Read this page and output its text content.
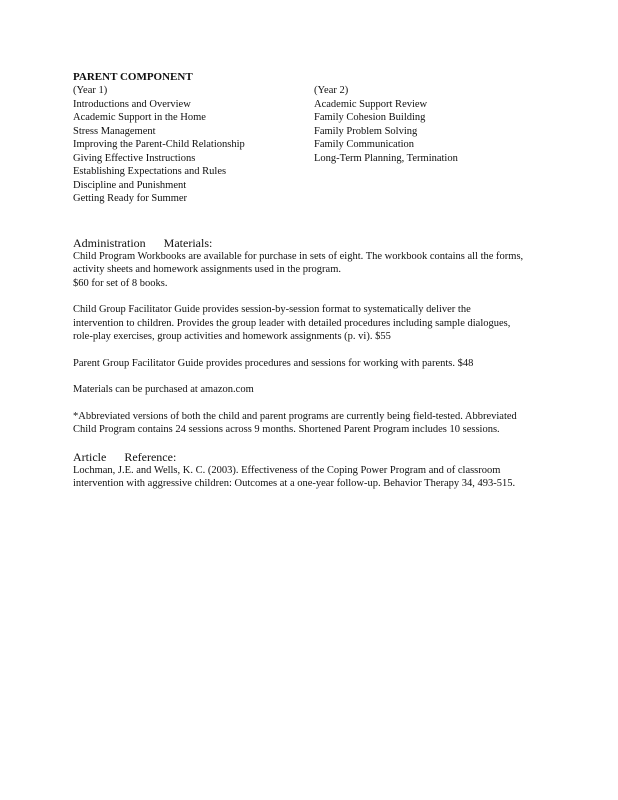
PARENT COMPONENT
(Year 1)
Introductions and Overview
Academic Support in the Home
Stress Management
Improving the Parent-Child Relationship
Giving Effective Instructions
Establishing Expectations and Rules
Discipline and Punishment
Getting Ready for Summer
(Year 2)
Academic Support Review
Family Cohesion Building
Family Problem Solving
Family Communication
Long-Term Planning, Termination
Administration Materials:

Child Program Workbooks are available for purchase in sets of eight. The workbook contains all the forms,
activity sheets and homework assignments used in the program.
$60 for set of 8 books.

Child Group Facilitator Guide provides session-by-session format to systematically deliver the
intervention to children. Provides the group leader with detailed procedures including sample dialogues,
role-play exercises, group activities and homework assignments (p. vi). $55

Parent Group Facilitator Guide provides procedures and sessions for working with parents. $48

Materials can be purchased at amazon.com

*Abbreviated versions of both the child and parent programs are currently being field-tested. Abbreviated
Child Program contains 24 sessions across 9 months. Shortened Parent Program includes 10 sessions.

Article Reference:

Lochman, J.E. and Wells, K. C. (2003). Effectiveness of the Coping Power Program and of classroom
intervention with aggressive children: Outcomes at a one-year follow-up. Behavior Therapy 34, 493-515.
